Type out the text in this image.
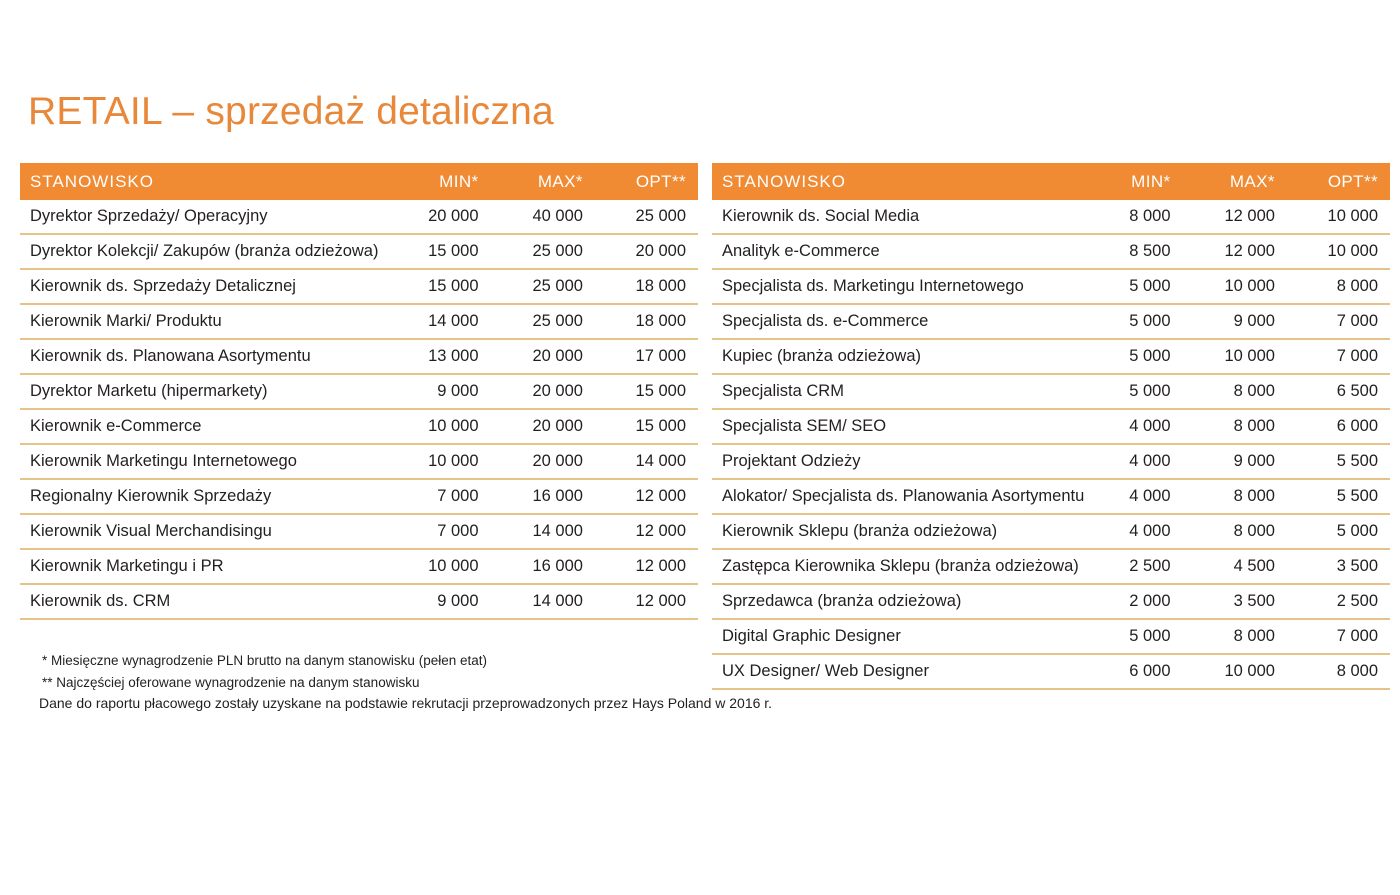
RETAIL – sprzedaż detaliczna
STANOWISKO	MIN*	MAX*	OPT**
Dyrektor Sprzedaży/ Operacyjny	20 000	40 000	25 000
Dyrektor Kolekcji/ Zakupów (branża odzieżowa)	15 000	25 000	20 000
Kierownik ds. Sprzedaży Detalicznej	15 000	25 000	18 000
Kierownik Marki/ Produktu	14 000	25 000	18 000
Kierownik ds. Planowana Asortymentu	13 000	20 000	17 000
Dyrektor Marketu (hipermarkety)	9 000	20 000	15 000
Kierownik e-Commerce	10 000	20 000	15 000
Kierownik Marketingu Internetowego	10 000	20 000	14 000
Regionalny Kierownik Sprzedaży	7 000	16 000	12 000
Kierownik Visual Merchandisingu	7 000	14 000	12 000
Kierownik Marketingu i PR	10 000	16 000	12 000
Kierownik ds. CRM	9 000	14 000	12 000
STANOWISKO	MIN*	MAX*	OPT**
Kierownik ds. Social Media	8 000	12 000	10 000
Analityk e-Commerce	8 500	12 000	10 000
Specjalista ds. Marketingu Internetowego	5 000	10 000	8 000
Specjalista ds. e-Commerce	5 000	9 000	7 000
Kupiec (branża odzieżowa)	5 000	10 000	7 000
Specjalista CRM	5 000	8 000	6 500
Specjalista SEM/ SEO	4 000	8 000	6 000
Projektant Odzieży	4 000	9 000	5 500
Alokator/ Specjalista ds. Planowania Asortymentu	4 000	8 000	5 500
Kierownik Sklepu (branża odzieżowa)	4 000	8 000	5 000
Zastępca Kierownika Sklepu (branża odzieżowa)	2 500	4 500	3 500
Sprzedawca (branża odzieżowa)	2 000	3 500	2 500
Digital Graphic Designer	5 000	8 000	7 000
UX Designer/ Web Designer	6 000	10 000	8 000
* Miesięczne wynagrodzenie PLN brutto na danym stanowisku (pełen etat)
** Najczęściej oferowane wynagrodzenie na danym stanowisku
Dane do raportu płacowego zostały uzyskane na podstawie rekrutacji przeprowadzonych przez Hays Poland w 2016 r.
